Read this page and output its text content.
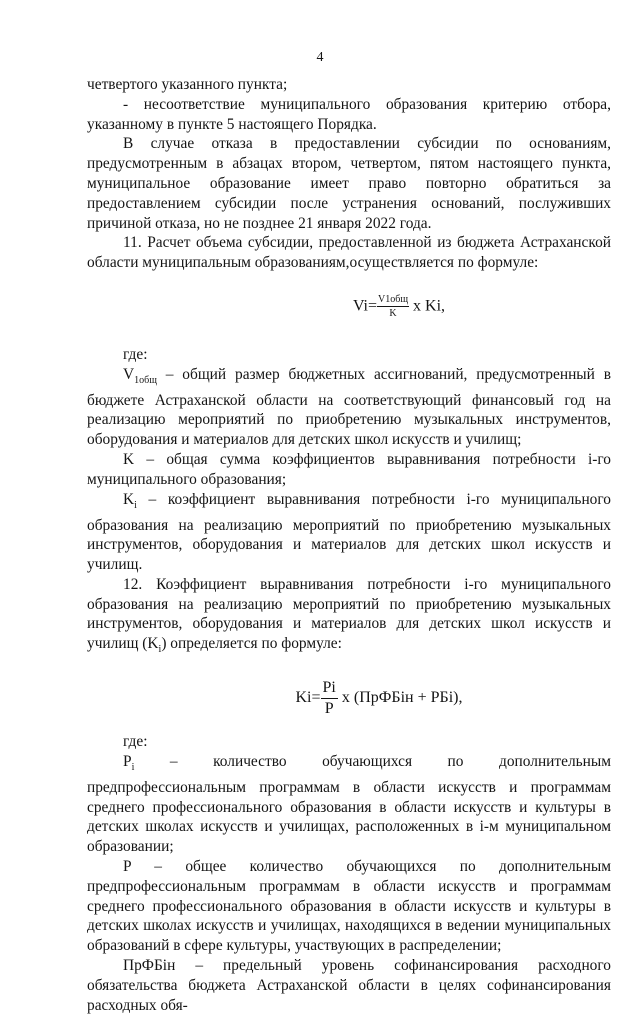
4

четвертого указанного пункта;

- несоответствие муниципального образования критерию отбора, указанному в пункте 5 настоящего Порядка.

В случае отказа в предоставлении субсидии по основаниям, предусмотренным в абзацах втором, четвертом, пятом настоящего пункта, муниципальное образование имеет право повторно обратиться за предоставлением субсидии после устранения оснований, послуживших причиной отказа, но не позднее 21 января 2022 года.

11. Расчет объема субсидии, предоставленной из бюджета Астраханской области муниципальным образованиям,осуществляется по формуле:

$Vi= \frac{\text{V1общ}}{K}$ x Ki,

где:

$V_{1общ}$ – общий размер бюджетных ассигнований, предусмотренный в бюджете Астраханской области на соответствующий финансовый год на реализацию мероприятий по приобретению музыкальных инструментов, оборудования и материалов для детских школ искусств и училищ;

K – общая сумма коэффициентов выравнивания потребности i-го муниципального образования;

$K_i$ – коэффициент выравнивания потребности i-го муниципального образования на реализацию мероприятий по приобретению музыкальных инструментов, оборудования и материалов для детских школ искусств и училищ.

12. Коэффициент выравнивания потребности i-го муниципального образования на реализацию мероприятий по приобретению музыкальных инструментов, оборудования и материалов для детских школ искусств и училищ $(K_i)$ определяется по формуле:

$Ki= \frac{Pi}{P}$ x (ПрФБiн + РБi),

где:

$P_i$ – количество обучающихся по дополнительным предпрофессиональным программам в области искусств и программам среднего профессионального образования в области искусств и культуры в детских школах искусств и училищах, расположенных в i-м муниципальном образовании;

P – общее количество обучающихся по дополнительным предпрофессиональным программам в области искусств и программам среднего профессионального образования в области искусств и культуры в детских школах искусств и училищах, находящихся в ведении муниципальных образований в сфере культуры, участвующих в распределении;

ПрФБiн – предельный уровень софинансирования расходного обязательства бюджета Астраханской области в целях софинансирования расходных обя-
